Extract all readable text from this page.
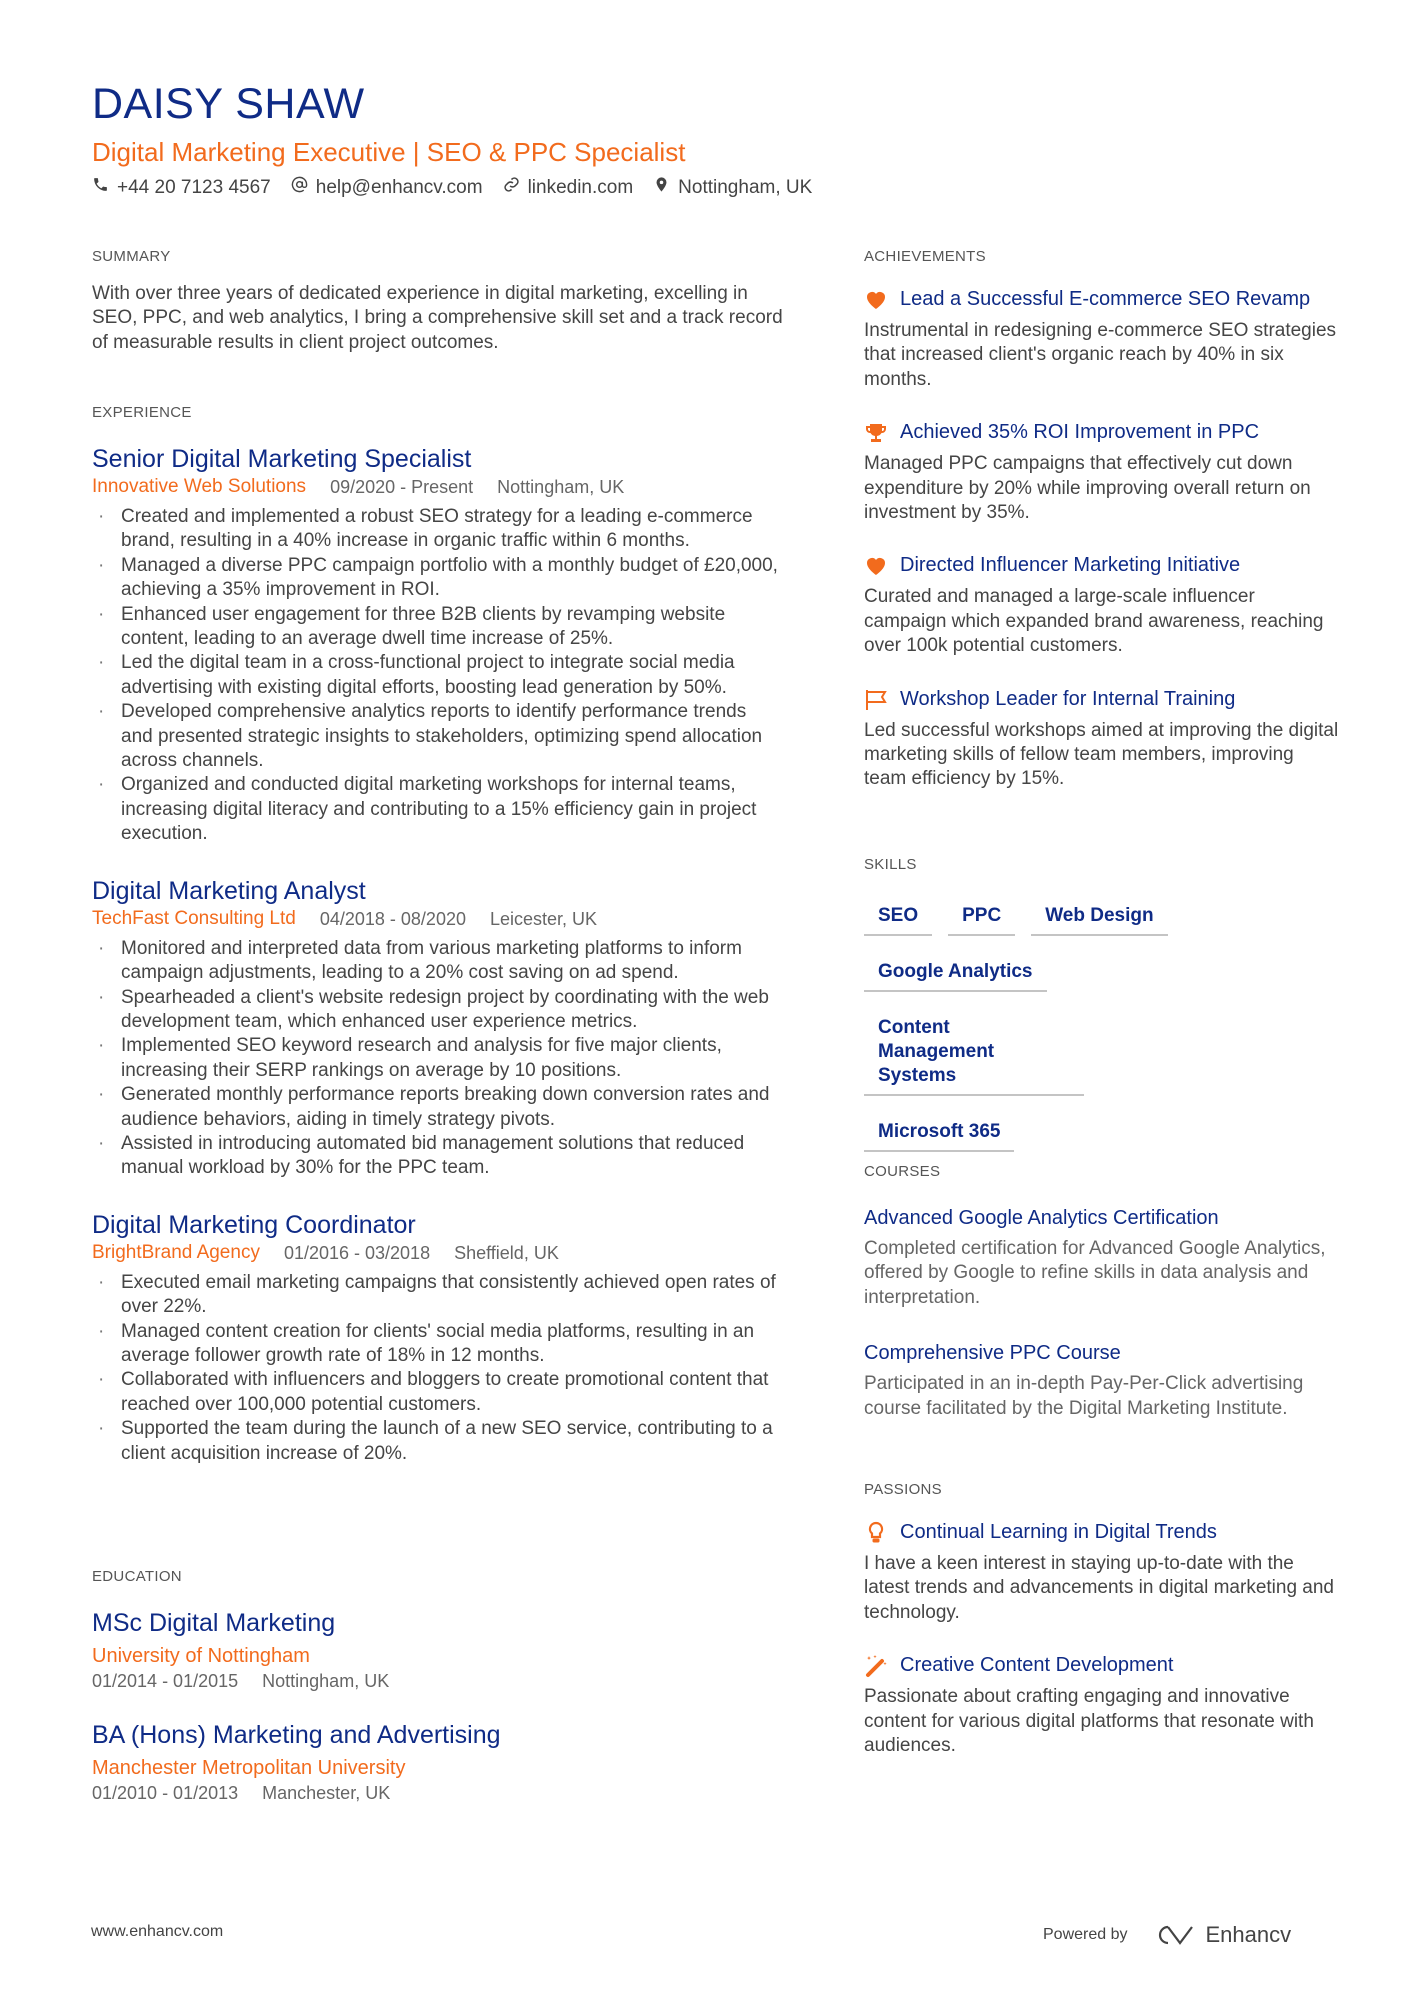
DAISY SHAW
Digital Marketing Executive | SEO & PPC Specialist
+44 20 7123 4567 help@enhancv.com linkedin.com Nottingham, UK
SUMMARY
With over three years of dedicated experience in digital marketing, excelling in SEO, PPC, and web analytics, I bring a comprehensive skill set and a track record of measurable results in client project outcomes.
EXPERIENCE
Senior Digital Marketing Specialist
Innovative Web Solutions 09/2020 - Present Nottingham, UK
· Created and implemented a robust SEO strategy for a leading e-commerce brand, resulting in a 40% increase in organic traffic within 6 months.
· Managed a diverse PPC campaign portfolio with a monthly budget of £20,000, achieving a 35% improvement in ROI.
· Enhanced user engagement for three B2B clients by revamping website content, leading to an average dwell time increase of 25%.
· Led the digital team in a cross-functional project to integrate social media advertising with existing digital efforts, boosting lead generation by 50%.
· Developed comprehensive analytics reports to identify performance trends and presented strategic insights to stakeholders, optimizing spend allocation across channels.
· Organized and conducted digital marketing workshops for internal teams, increasing digital literacy and contributing to a 15% efficiency gain in project execution.
Digital Marketing Analyst
TechFast Consulting Ltd 04/2018 - 08/2020 Leicester, UK
· Monitored and interpreted data from various marketing platforms to inform campaign adjustments, leading to a 20% cost saving on ad spend.
· Spearheaded a client's website redesign project by coordinating with the web development team, which enhanced user experience metrics.
· Implemented SEO keyword research and analysis for five major clients, increasing their SERP rankings on average by 10 positions.
· Generated monthly performance reports breaking down conversion rates and audience behaviors, aiding in timely strategy pivots.
· Assisted in introducing automated bid management solutions that reduced manual workload by 30% for the PPC team.
Digital Marketing Coordinator
BrightBrand Agency 01/2016 - 03/2018 Sheffield, UK
· Executed email marketing campaigns that consistently achieved open rates of over 22%.
· Managed content creation for clients' social media platforms, resulting in an average follower growth rate of 18% in 12 months.
· Collaborated with influencers and bloggers to create promotional content that reached over 100,000 potential customers.
· Supported the team during the launch of a new SEO service, contributing to a client acquisition increase of 20%.
EDUCATION
MSc Digital Marketing
University of Nottingham
01/2014 - 01/2015 Nottingham, UK
BA (Hons) Marketing and Advertising
Manchester Metropolitan University
01/2010 - 01/2013 Manchester, UK
ACHIEVEMENTS
Lead a Successful E-commerce SEO Revamp
Instrumental in redesigning e-commerce SEO strategies that increased client's organic reach by 40% in six months.
Achieved 35% ROI Improvement in PPC
Managed PPC campaigns that effectively cut down expenditure by 20% while improving overall return on investment by 35%.
Directed Influencer Marketing Initiative
Curated and managed a large-scale influencer campaign which expanded brand awareness, reaching over 100k potential customers.
Workshop Leader for Internal Training
Led successful workshops aimed at improving the digital marketing skills of fellow team members, improving team efficiency by 15%.
SKILLS
SEO	PPC	Web Design
Google Analytics
Content Management Systems
Microsoft 365
COURSES
Advanced Google Analytics Certification
Completed certification for Advanced Google Analytics, offered by Google to refine skills in data analysis and interpretation.
Comprehensive PPC Course
Participated in an in-depth Pay-Per-Click advertising course facilitated by the Digital Marketing Institute.
PASSIONS
Continual Learning in Digital Trends
I have a keen interest in staying up-to-date with the latest trends and advancements in digital marketing and technology.
Creative Content Development
Passionate about crafting engaging and innovative content for various digital platforms that resonate with audiences.
www.enhancv.com	Powered by	Enhancv
